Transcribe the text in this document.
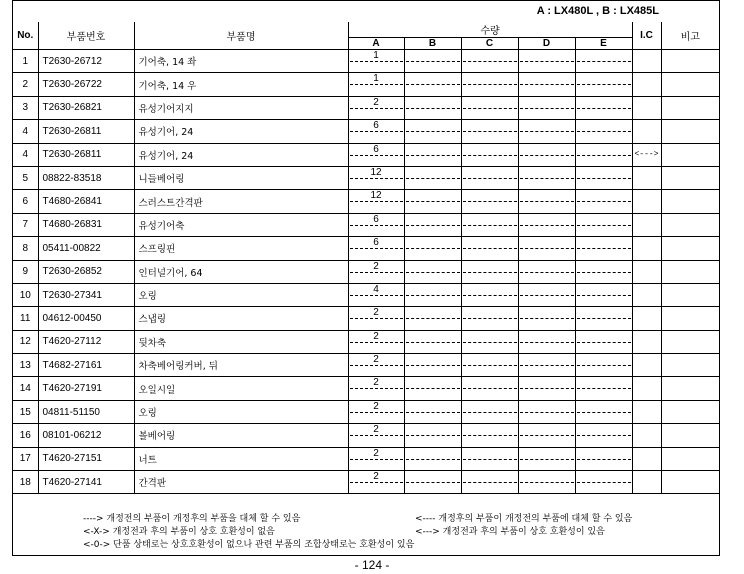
A : LX480L , B : LX485L
No.	부품번호	부품명	수량					I.C	비고
			A	B	C	D	E		
1	T2630-26712	기어축, 14 좌	1						

2	T2630-26722	기어축, 14 우	1						

3	T2630-26821	유성기어지지	2						

4	T2630-26811	유성기어, 24	6						

4	T2630-26811	유성기어, 24	6					<--->	
5	08822-83518	니들베어링	12						

6	T4680-26841	스러스트간격판	12						

7	T4680-26831	유성기어축	6						

8	05411-00822	스프링핀	6						

9	T2630-26852	인터널기어, 64	2						

10	T2630-27341	오링	4						

11	04612-00450	스냅링	2						

12	T4620-27112	뒷차축	2						

13	T4682-27161	차축베어링커버, 뒤	2						

14	T4620-27191	오일시일	2						

15	04811-51150	오링	2						

16	08101-06212	볼베어링	2						

17	T4620-27151	너트	2						

18	T4620-27141	간격판	2						

----> 개정전의 부품이 개정후의 부품을 대체 할 수 있음	<---- 개정후의 부품이 개정전의 부품에 대체 할 수 있음
<-X-> 개정전과 후의 부품이 상호 호환성이 없음	<---> 개정전과 후의 부품이 상호 호환성이 있음
<-0-> 단품 상태로는 상호호환성이 없으나 관련 부품의 조합상태로는 호환성이 있음
- 124 -
